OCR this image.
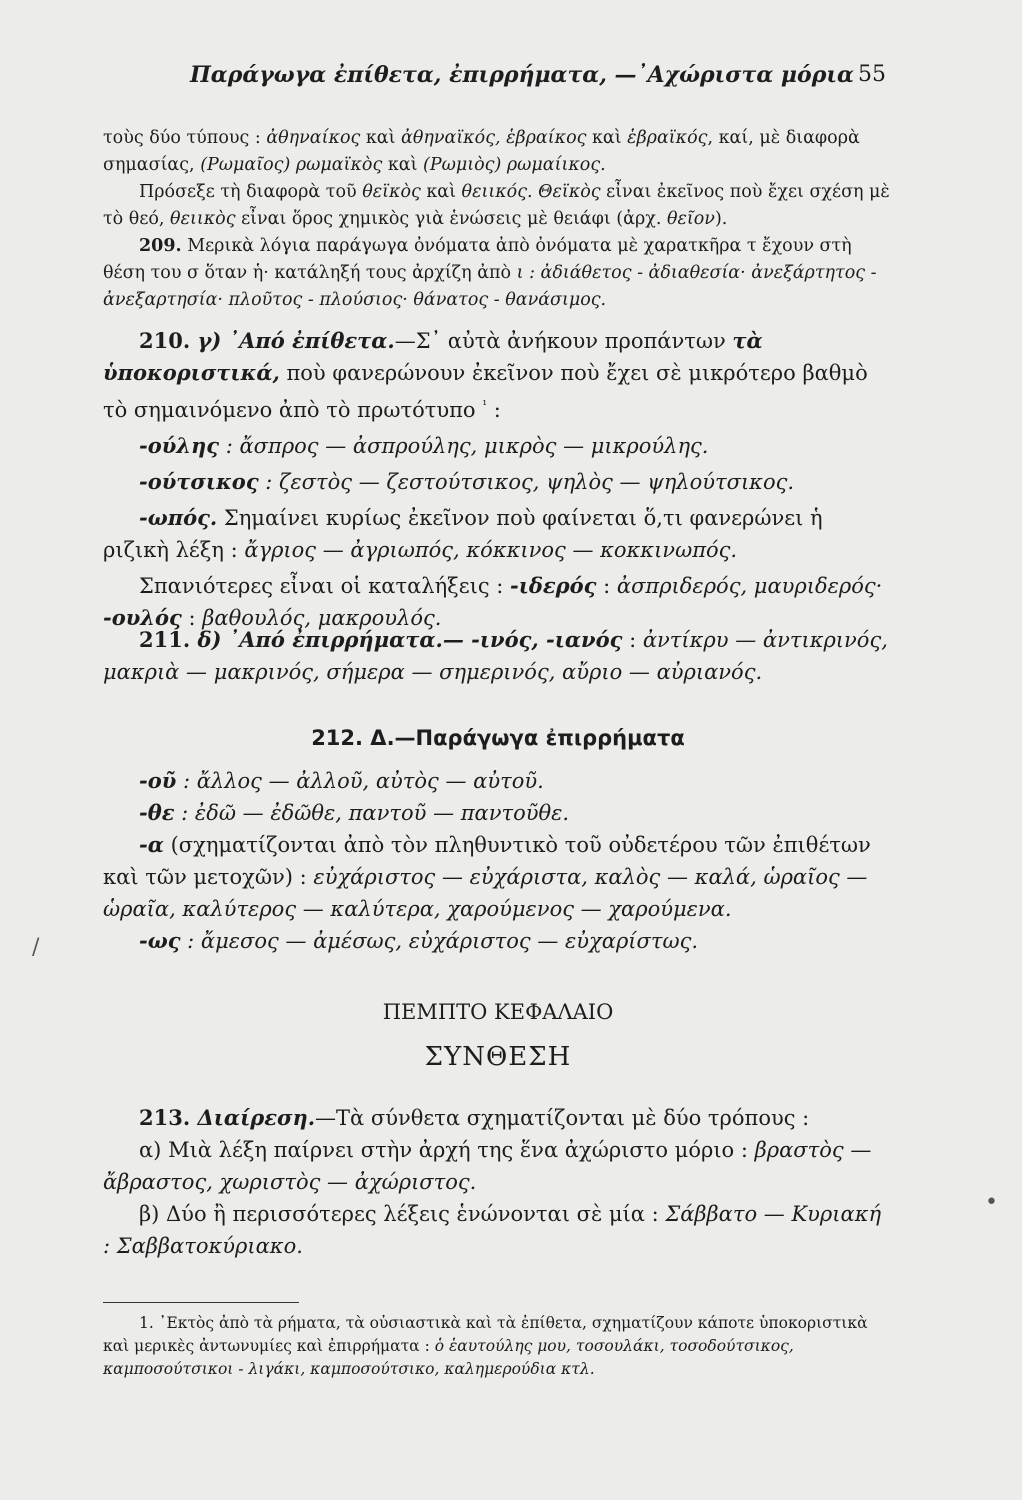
Παράγωγα ἐπίθετα, ἐπιρρήματα, —᾿Αχώριστα μόρια 55

τοὺς δύο τύπους : ἀθηναίκος καὶ ἀθηναϊκός, ἑβραίκος καὶ ἑβραϊκός, καί, μὲ διαφορὰ σημασίας, (Ρωμαῖος) ρωμαϊκὸς καὶ (Ρωμιὸς) ρωμαίικος.

Πρόσεξε τὴ διαφορὰ τοῦ θεϊκὸς καὶ θειικός. Θεϊκὸς εἶναι ἐκεῖνος ποὺ ἔχει σχέση μὲ τὸ θεό, θειικὸς εἶναι ὅρος χημικὸς γιὰ ἑνώσεις μὲ θειάφι (ἀρχ. θεῖον).

209. Μερικὰ λόγια παράγωγα ὀνόματα ἀπὸ ὀνόματα μὲ χαρατκῆρα τ ἔχουν στὴ θέση του σ ὅταν ἡ· κατάληξή τους ἀρχίζη ἀπὸ ι : ἀδιάθετος - ἀδιαθεσία· ἀνεξάρτητος - ἀνεξαρτησία· πλοῦτος - πλούσιος· θάνατος - θανάσιμος.

210. γ) ᾿Από ἐπίθετα.—Σ᾿ αὐτὰ ἀνήκουν προπάντων τὰ ὑποκοριστικά, ποὺ φανερώνουν ἐκεῖνον ποὺ ἔχει σὲ μικρότερο βαθμὸ τὸ σημαινόμενο ἀπὸ τὸ πρωτότυπο $^{^1}$ :

-ούλης : ἄσπρος — ἀσπρούλης, μικρὸς — μικρούλης.

-ούτσικος : ζεστὸς — ζεστούτσικος, ψηλὸς — ψηλούτσικος.

-ωπός. Σημαίνει κυρίως ἐκεῖνον ποὺ φαίνεται ὅ,τι φανερώνει ἡ ριζικὴ λέξη : ἄγριος — ἀγριωπός, κόκκινος — κοκκινωπός.

Σπανιότερες εἶναι οἱ καταλήξεις : -ιδερός : ἀσπριδερός, μαυριδερός· -ουλός : βαθουλός, μακρουλός.

211. δ) ᾿Από ἐπιρρήματα.— -ινός, -ιανός : ἀντίκρυ — ἀντικρινός, μακριὰ — μακρινός, σήμερα — σημερινός, αὔριο — αὐριανός.

212. Δ.—Παράγωγα ἐπιρρήματα

-οῦ : ἄλλος — ἀλλοῦ, αὐτὸς — αὐτοῦ.

-θε : ἐδῶ — ἐδῶθε, παντοῦ — παντοῦθε.

-α (σχηματίζονται ἀπὸ τὸν πληθυντικὸ τοῦ οὐδετέρου τῶν ἐπιθέτων καὶ τῶν μετοχῶν) : εὐχάριστος — εὐχάριστα, καλὸς — καλά, ὡραῖος — ὡραῖα, καλύτερος — καλύτερα, χαρούμενος — χαρούμενα.

-ως : ἄμεσος — ἀμέσως, εὐχάριστος — εὐχαρίστως.

ΠΕΜΠΤΟ ΚΕΦΑΛΑΙΟ
ΣΥΝΘΕΣΗ

213. Διαίρεση.—Τὰ σύνθετα σχηματίζονται μὲ δύο τρόπους :

α) Μιὰ λέξη παίρνει στὴν ἀρχή της ἕνα ἀχώριστο μόριο : βραστὸς — ἄβραστος, χωριστὸς — ἀχώριστος.

β) Δύο ἢ περισσότερες λέξεις ἑνώνονται σὲ μία : Σάββατο — Κυριακή : Σαββατοκύριακο.

1. ᾿Εκτὸς ἀπὸ τὰ ρήματα, τὰ οὐσιαστικὰ καὶ τὰ ἐπίθετα, σχηματίζουν κάποτε ὑποκοριστικὰ καὶ μερικὲς ἀντωνυμίες καὶ ἐπιρρήματα : ὁ ἑαυτούλης μου, τοσουλάκι, τοσοδούτσικος, καμποσούτσικοι - λιγάκι, καμποσούτσικο, καλημερούδια κτλ.

/
•
